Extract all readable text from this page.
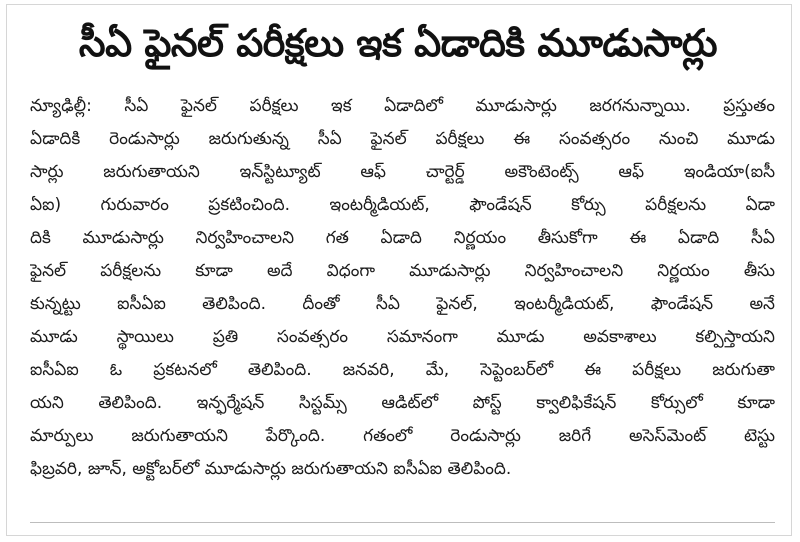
సీఏ ఫైనల్ పరీక్షలు ఇక ఏడాదికి మూడుసార్లు
న్యూఢిల్లీ: సీఏ ఫైనల్ పరీక్షలు ఇక ఏడాదిలో మూడుసార్లు జరగనున్నాయి. ప్రస్తుతం
ఏడాదికి రెండుసార్లు జరుగుతున్న సీఏ ఫైనల్ పరీక్షలు ఈ సంవత్సరం నుంచి మూడు
సార్లు జరుగుతాయని ఇన్‌స్టిట్యూట్ ఆఫ్ చార్టెర్డ్ అకౌంటెంట్స్ ఆఫ్ ఇండియా(ఐసీ
ఏఐ) గురువారం ప్రకటించింది. ఇంటర్మీడియట్, ఫౌండేషన్ కోర్సు పరీక్షలను ఏడా
దికి మూడుసార్లు నిర్వహించాలని గత ఏడాది నిర్ణయం తీసుకోగా ఈ ఏడాది సీఏ
ఫైనల్ పరీక్షలను కూడా అదే విధంగా మూడుసార్లు నిర్వహించాలని నిర్ణయం తీసు
కున్నట్టు ఐసీఏఐ తెలిపింది. దీంతో సీఏ ఫైనల్, ఇంటర్మీడియట్, ఫౌండేషన్ అనే
మూడు స్థాయిలు ప్రతి సంవత్సరం సమానంగా మూడు అవకాశాలు కల్పిస్తాయని
ఐసీఏఐ ఓ ప్రకటనలో తెలిపింది. జనవరి, మే, సెప్టెంబర్‌లో ఈ పరీక్షలు జరుగుతా
యని తెలిపింది. ఇన్ఫర్మేషన్ సిస్టమ్స్ ఆడిట్‌లో పోస్ట్ క్వాలిఫికేషన్ కోర్సులో కూడా
మార్పులు జరుగుతాయని పేర్కొంది. గతంలో రెండుసార్లు జరిగే అసెస్‌మెంట్ టెస్టు
ఫిబ్రవరి, జూన్, అక్టోబర్‌లో మూడుసార్లు జరుగుతాయని ఐసీఏఐ తెలిపింది.
